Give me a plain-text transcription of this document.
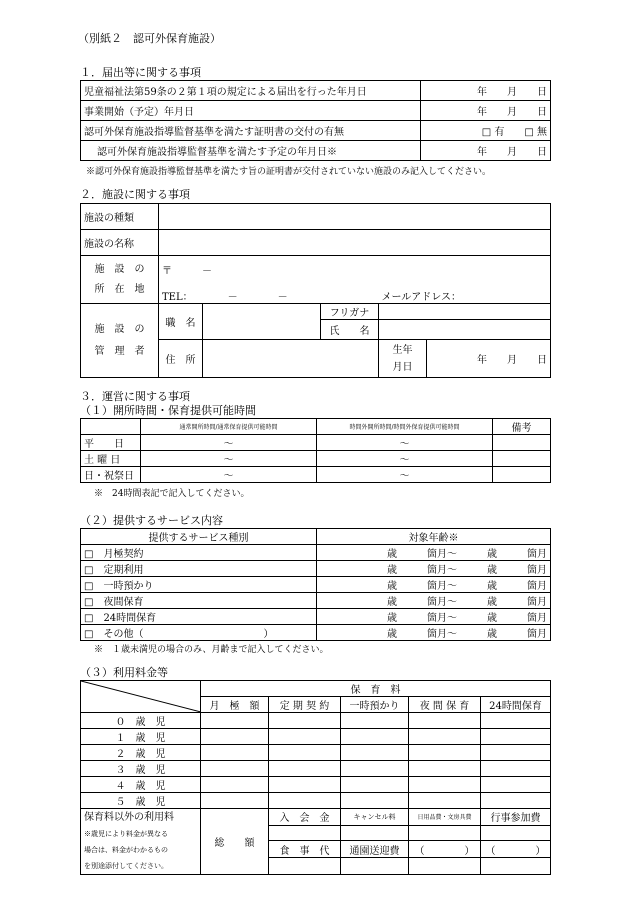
（別紙２　認可外保育施設）
１．届出等に関する事項
児童福祉法第59条の２第１項の規定による届出を行った年月日	年　　月　　日
事業開始（予定）年月日	年　　月　　日
認可外保育施設指導監督基準を満たす証明書の交付の有無	□ 有　　□ 無
認可外保育施設指導監督基準を満たす予定の年月日※	年　　月　　日
※認可外保育施設指導監督基準を満たす旨の証明書が交付されていない施設のみ記入してください。
２．施設に関する事項
施設の種類					
施設の名称					
施　設　の
所　在　地	〒　　　－				
	TEL：　　　　－　　　　－			メールアドレス：	
施　設　の
管　理　者	職　名		フリガナ		
			氏　　名		
	住　所			生年
月日	年　　月　　日
３．運営に関する事項
（１）開所時間・保育提供可能時間
	通常開所時間/通常保育提供可能時間	時間外開所時間/時間外保育提供可能時間	備考
平　　日	～	～	
土 曜 日	～	～	
日・祝祭日	～	～	
※　24時間表記で記入してください。
（２）提供するサービス内容
提供するサービス種別	対象年齢※
□　月極契約	歳　　　箇月～　　　歳　　　箇月
□　定期利用	歳　　　箇月～　　　歳　　　箇月
□　一時預かり	歳　　　箇月～　　　歳　　　箇月
□　夜間保育	歳　　　箇月～　　　歳　　　箇月
□　24時間保育	歳　　　箇月～　　　歳　　　箇月
□　その他（　　　　　　　　　　　　）	歳　　　箇月～　　　歳　　　箇月
※　１歳未満児の場合のみ、月齢まで記入してください。
（３）利用料金等
	保　育　料				
	月　極　額	定 期 契 約	一時預かり	夜 間 保 育	24時間保育
０　歳　児					
１　歳　児					
２　歳　児					
３　歳　児					
４　歳　児					
５　歳　児					
保育料以外の利用料
※歳児により料金が異なる
場合は、料金がわかるもの
を別途添付してください。	総　　額	入　会　金	キャンセル料	日用品費・文房具費	行事参加費

		食　事　代	通園送迎費	（　　　　）	（　　　　）
